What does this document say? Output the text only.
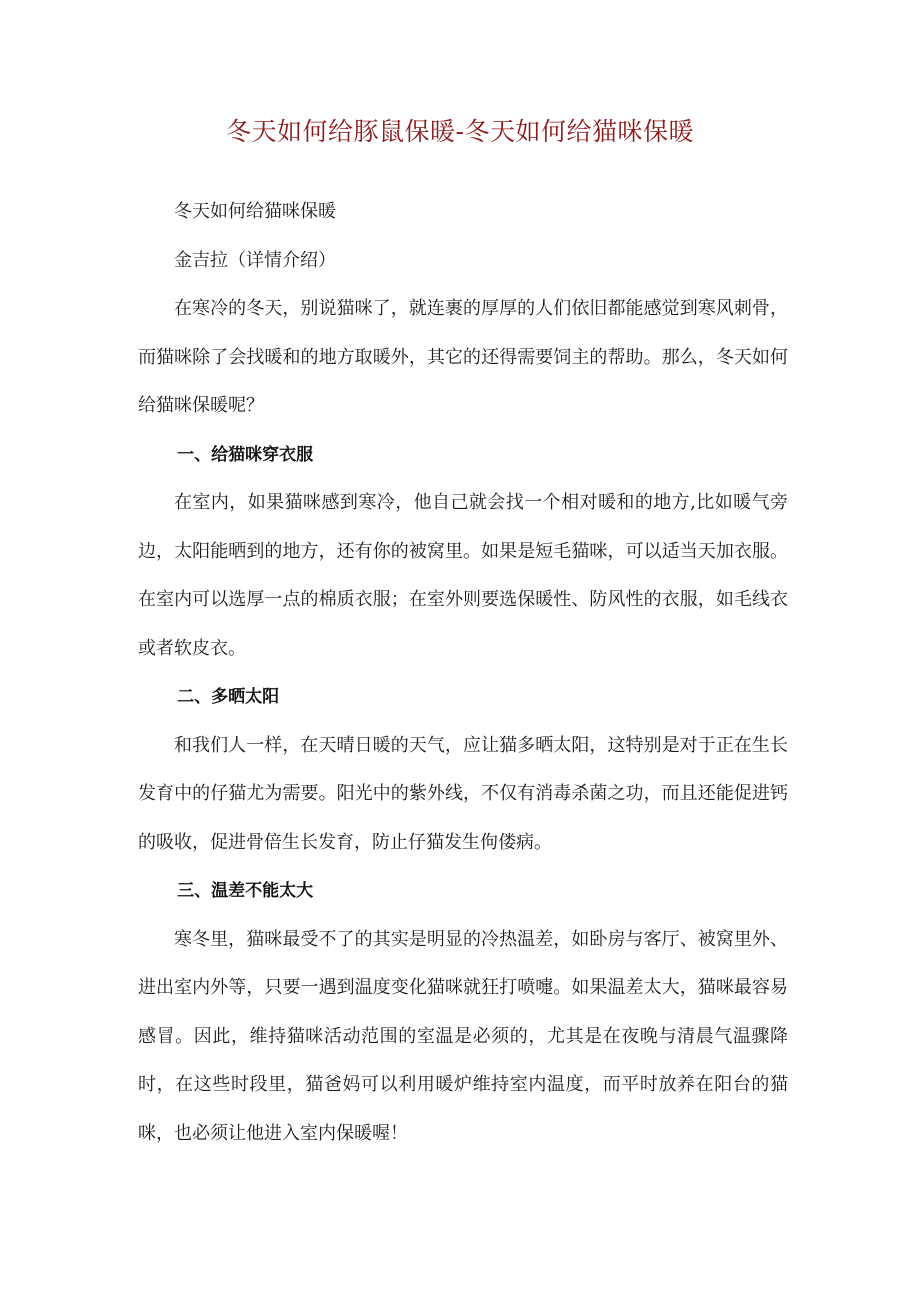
冬天如何给豚鼠保暖-冬天如何给猫咪保暖

冬天如何给猫咪保暖

金吉拉（详情介绍）

在寒冷的冬天，别说猫咪了，就连裹的厚厚的人们依旧都能感觉到寒风刺骨，而猫咪除了会找暖和的地方取暖外，其它的还得需要饲主的帮助。那么，冬天如何给猫咪保暖呢？

一、给猫咪穿衣服

在室内，如果猫咪感到寒冷，他自己就会找一个相对暖和的地方,比如暖气旁边，太阳能晒到的地方，还有你的被窝里。如果是短毛猫咪，可以适当天加衣服。在室内可以选厚一点的棉质衣服；在室外则要选保暖性、防风性的衣服，如毛线衣或者软皮衣。

二、多晒太阳

和我们人一样，在天晴日暖的天气，应让猫多晒太阳，这特别是对于正在生长发育中的仔猫尤为需要。阳光中的紫外线，不仅有消毒杀菌之功，而且还能促进钙的吸收，促进骨倍生长发育，防止仔猫发生佝偻病。

三、温差不能太大

寒冬里，猫咪最受不了的其实是明显的冷热温差，如卧房与客厅、被窝里外、进出室内外等，只要一遇到温度变化猫咪就狂打喷嚏。如果温差太大，猫咪最容易感冒。因此，维持猫咪活动范围的室温是必须的，尤其是在夜晚与清晨气温骤降时，在这些时段里，猫爸妈可以利用暖炉维持室内温度，而平时放养在阳台的猫咪，也必须让他进入室内保暖喔！
